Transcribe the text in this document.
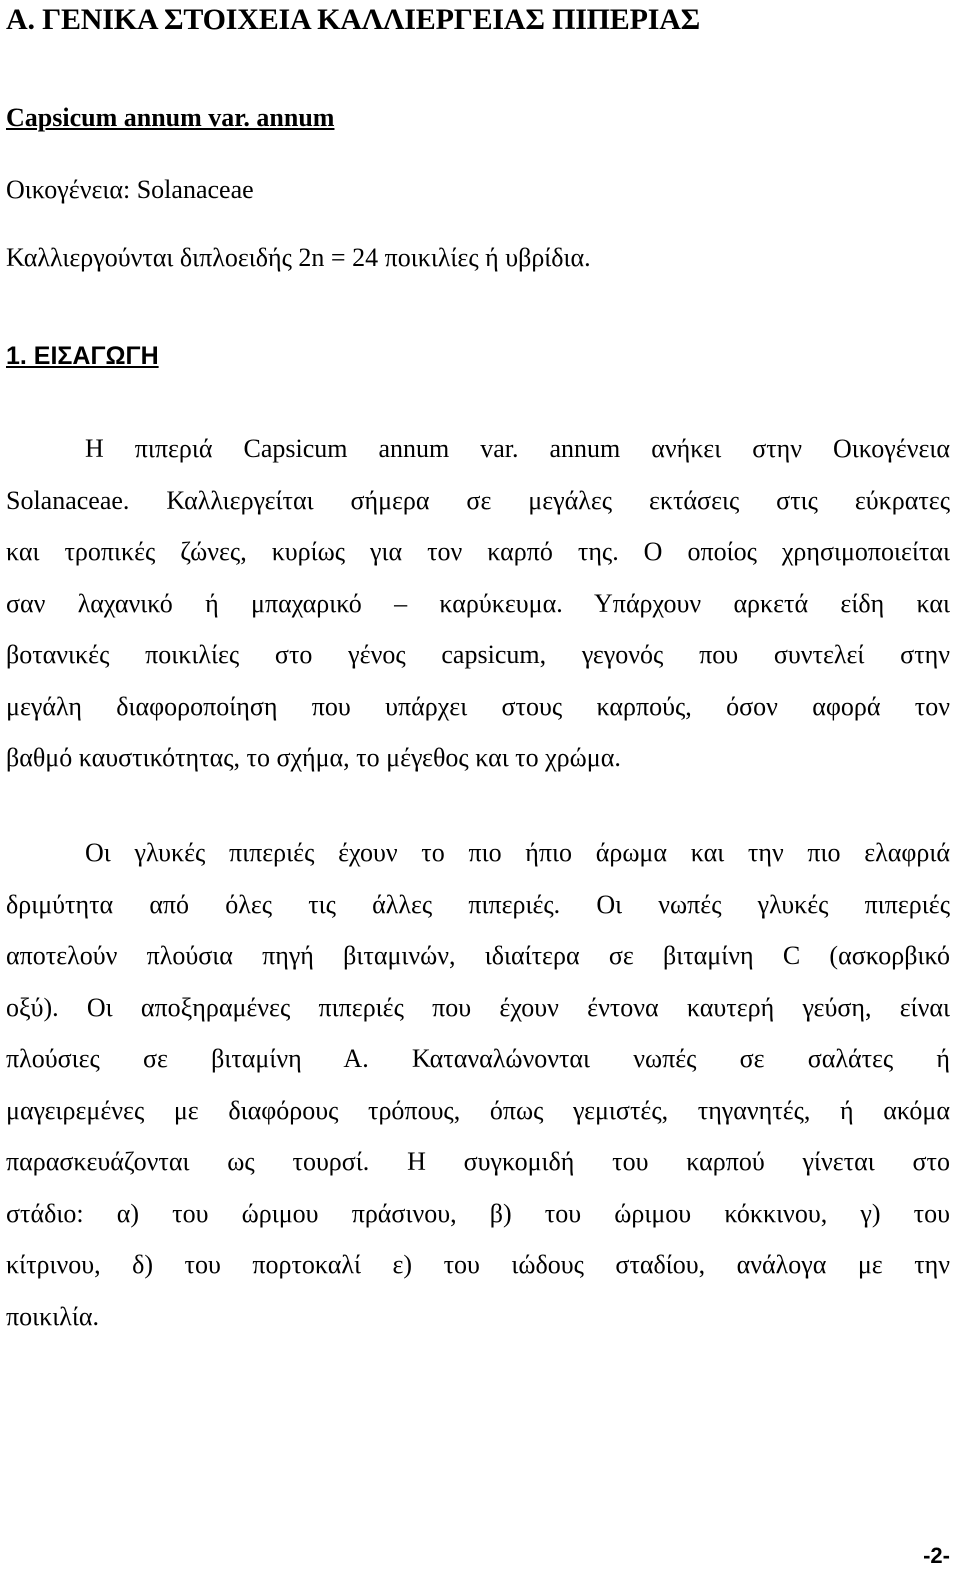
Α. ΓΕΝΙΚΑ ΣΤΟΙΧΕΙΑ ΚΑΛΛΙΕΡΓΕΙΑΣ ΠΙΠΕΡΙΑΣ
Capsicum annum var. annum
Οικογένεια: Solanaceae
Καλλιεργούνται διπλοειδής 2n = 24 ποικιλίες ή υβρίδια.
1. ΕΙΣΑΓΩΓΗ
Η πιπεριά Capsicum annum var. annum ανήκει στην Οικογένεια
Solanaceae. Καλλιεργείται σήμερα σε μεγάλες εκτάσεις στις εύκρατες
και τροπικές ζώνες, κυρίως για τον καρπό της. Ο οποίος χρησιμοποιείται
σαν λαχανικό ή μπαχαρικό – καρύκευμα. Υπάρχουν αρκετά είδη και
βοτανικές ποικιλίες στο γένος capsicum, γεγονός που συντελεί στην
μεγάλη διαφοροποίηση που υπάρχει στους καρπούς, όσον αφορά τον
βαθμό καυστικότητας, το σχήμα, το μέγεθος και το χρώμα.
Οι γλυκές πιπεριές έχουν το πιο ήπιο άρωμα και την πιο ελαφριά
δριμύτητα από όλες τις άλλες πιπεριές. Οι νωπές γλυκές πιπεριές
αποτελούν πλούσια πηγή βιταμινών, ιδιαίτερα σε βιταμίνη C (ασκορβικό
οξύ). Οι αποξηραμένες πιπεριές που έχουν έντονα καυτερή γεύση, είναι
πλούσιες σε βιταμίνη Α. Καταναλώνονται νωπές σε σαλάτες ή
μαγειρεμένες με διαφόρους τρόπους, όπως γεμιστές, τηγανητές, ή ακόμα
παρασκευάζονται ως τουρσί. Η συγκομιδή του καρπού γίνεται στο
στάδιο: α) του ώριμου πράσινου, β) του ώριμου κόκκινου, γ) του
κίτρινου, δ) του πορτοκαλί ε) του ιώδους σταδίου, ανάλογα με την
ποικιλία.
-2-
